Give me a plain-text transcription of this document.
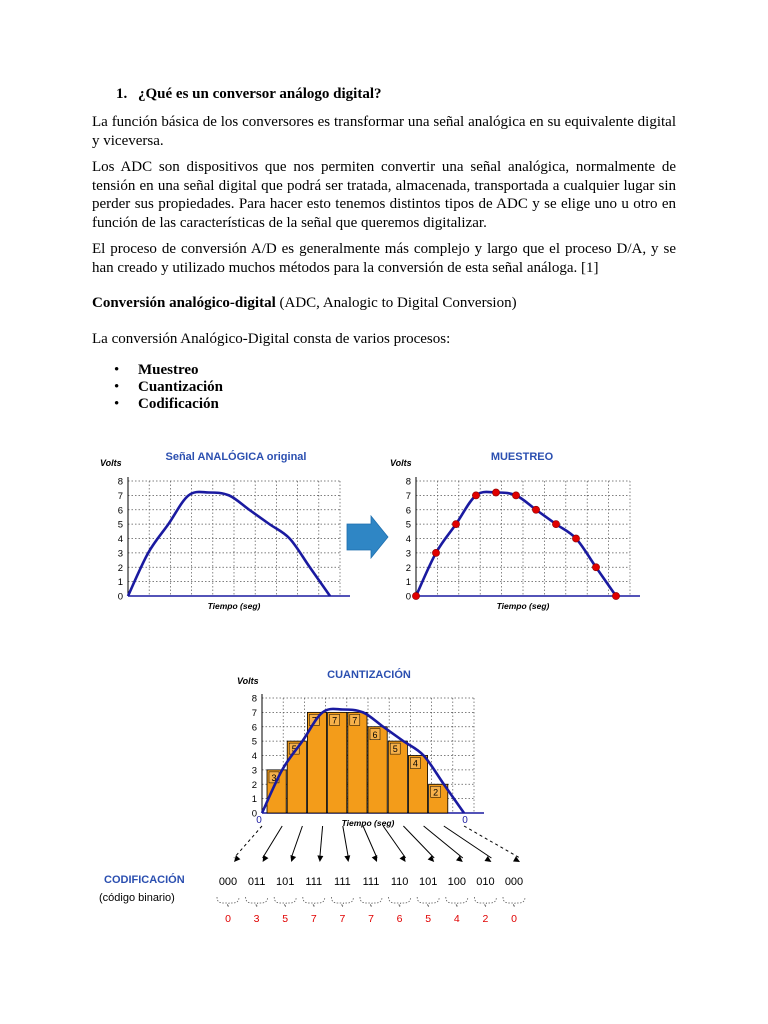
1. ¿Qué es un conversor análogo digital?

La función básica de los conversores es transformar una señal analógica en su equivalente digital y viceversa.

Los ADC son dispositivos que nos permiten convertir una señal analógica, normalmente de tensión en una señal digital que podrá ser tratada, almacenada, transportada a cualquier lugar sin perder sus propiedades. Para hacer esto tenemos distintos tipos de ADC y se elige uno u otro en función de las características de la señal que queremos digitalizar.

El proceso de conversión A/D es generalmente más complejo y largo que el proceso D/A, y se han creado y utilizado muchos métodos para la conversión de esta señal análoga. [1]

Conversión analógico-digital (ADC, Analogic to Digital Conversion)

La conversión Analógico-Digital consta de varios procesos:

• Muestreo
• Cuantización
• Codificación
Señal ANALÓGICA original
Volts
0
1
2
3
4
5
6
7
8
Tiempo (seg)
MUESTREO
Volts
0
1
2
3
4
5
6
7
8
Tiempo (seg)
CUANTIZACIÓN
Volts
0
1
2
3
4
5
6
7
8
Tiempo (seg)
3
5
7 7 7
6
5
4
2
0	0
CODIFICACIÓN
(código binario)
000
0
011
3
101
5
111
7
111
7
111
7
110
6
101
5
100
4
010
2
000
0
